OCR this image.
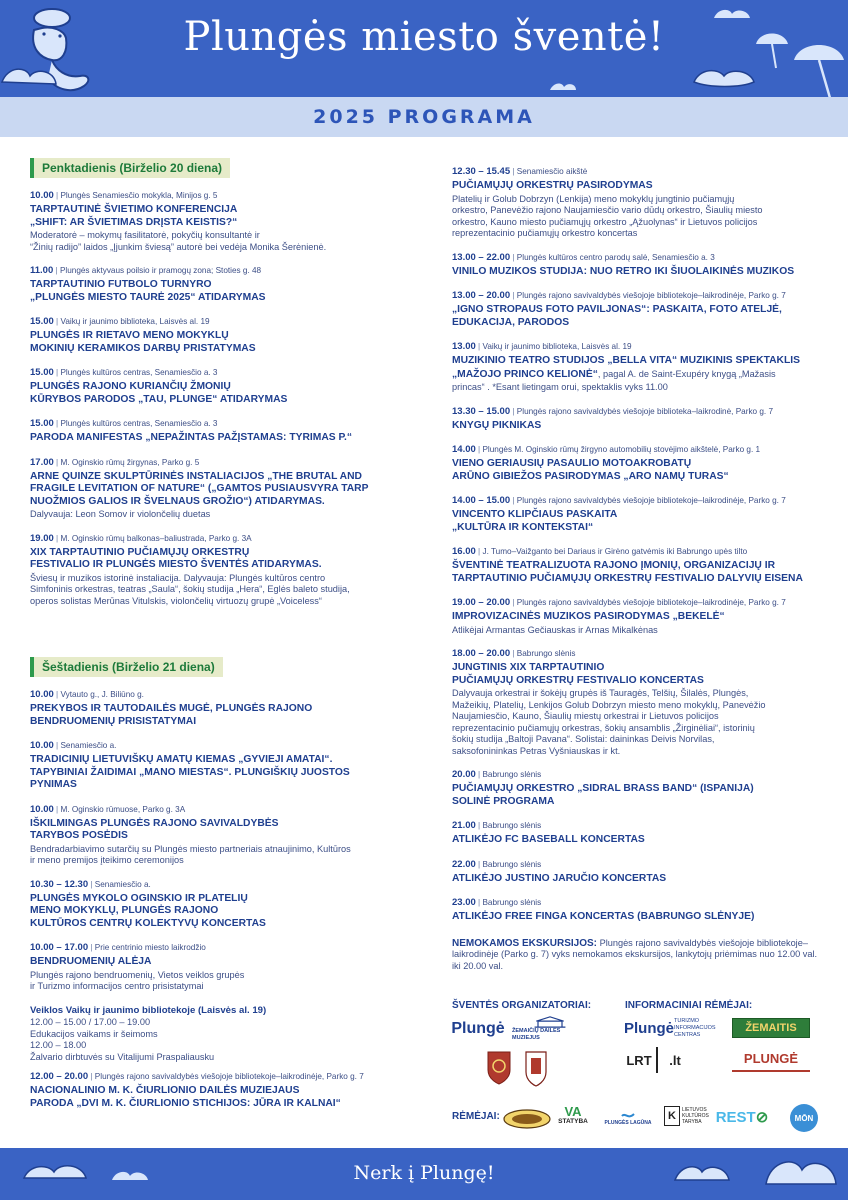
Plungės miesto šventė!
2025 PROGRAMA
Penktadienis (Birželio 20 diena)
10.00 | Plungės Senamiesčio mokykla, Minijos g. 5
TARPTAUTINĖ ŠVIETIMO KONFERENCIJA
„SHIFT: AR ŠVIETIMAS DRĮSTA KEISTIS?“
Moderatorė – mokymų fasilitatorė, pokyčių konsultantė ir
“Žinių radijo” laidos „Įjunkim šviesą” autorė bei vedėja Monika Šerėnienė.
11.00 | Plungės aktyvaus poilsio ir pramogų zona; Stoties g. 48
TARPTAUTINIO FUTBOLO TURNYRO
„PLUNGĖS MIESTO TAURĖ 2025“ ATIDARYMAS
15.00 | Vaikų ir jaunimo biblioteka, Laisvės al. 19
PLUNGĖS IR RIETAVO MENO MOKYKLŲ
MOKINIŲ KERAMIKOS DARBŲ PRISTATYMAS
15.00 | Plungės kultūros centras, Senamiesčio a. 3
PLUNGĖS RAJONO KURIANČIŲ ŽMONIŲ
KŪRYBOS PARODOS „TAU, PLUNGE“ ATIDARYMAS
15.00 | Plungės kultūros centras, Senamiesčio a. 3
PARODA MANIFESTAS „NEPAŽINTAS PAŽĮSTAMAS: TYRIMAS P.“
17.00 | M. Oginskio rūmų žirgynas, Parko g. 5
ARNE QUINZE SKULPTŪRINĖS INSTALIACIJOS „THE BRUTAL AND
FRAGILE LEVITATION OF NATURE“ („GAMTOS PUSIAUSVYRA TARP
NUOŽMIOS GALIOS IR ŠVELNAUS GROŽIO“) ATIDARYMAS.
Dalyvauja: Leon Somov ir violončelių duetas
19.00 | M. Oginskio rūmų balkonas–baliustrada, Parko g. 3A
XIX TARPTAUTINIO PUČIAMŲJŲ ORKESTRŲ
FESTIVALIO IR PLUNGĖS MIESTO ŠVENTĖS ATIDARYMAS.
Šviesų ir muzikos istorinė instaliacija. Dalyvauja: Plungės kultūros centro
Simfoninis orkestras, teatras „Saula“, šokių studija „Hera“, Eglės baleto studija,
operos solistas Merūnas Vitulskis, violončelių virtuozų grupė „Voiceless“
Šeštadienis (Birželio 21 diena)
10.00 | Vytauto g., J. Biliūno g.
PREKYBOS IR TAUTODAILĖS MUGĖ, PLUNGĖS RAJONO
BENDRUOMENIŲ PRISISTATYMAI
10.00 | Senamiesčio a.
TRADICINIŲ LIETUVIŠKŲ AMATŲ KIEMAS „GYVIEJI AMATAI“.
TAPYBINIAI ŽAIDIMAI „MANO MIESTAS“. PLUNGIŠKIŲ JUOSTOS
PYNIMAS
10.00 | M. Oginskio rūmuose, Parko g. 3A
IŠKILMINGAS PLUNGĖS RAJONO SAVIVALDYBĖS
TARYBOS POSĖDIS
Bendradarbiavimo sutarčių su Plungės miesto partneriais atnaujinimo, Kultūros
ir meno premijos įteikimo ceremonijos
10.30 – 12.30 | Senamiesčio a.
PLUNGĖS MYKOLO OGINSKIO IR PLATELIŲ
MENO MOKYKLŲ, PLUNGĖS RAJONO
KULTŪROS CENTRŲ KOLEKTYVŲ KONCERTAS
10.00 – 17.00 | Prie centrinio miesto laikrodžio
BENDRUOMENIŲ ALĖJA
Plungės rajono bendruomenių, Vietos veiklos grupės
ir Turizmo informacijos centro prisistatymai
Veiklos Vaikų ir jaunimo bibliotekoje (Laisvės al. 19)
12.00 – 15.00 / 17.00 – 19.00
Edukacijos vaikams ir šeimoms
12.00 – 18.00
Žalvario dirbtuvės su Vitalijumi Praspaliausku
12.00 – 20.00 | Plungės rajono savivaldybės viešojoje bibliotekoje–laikrodinėje, Parko g. 7
NACIONALINIO M. K. ČIURLIONIO DAILĖS MUZIEJAUS
PARODA „DVI M. K. ČIURLIONIO STICHIJOS: JŪRA IR KALNAI“
12.30 – 15.45 | Senamiesčio aikštė
PUČIAMŲJŲ ORKESTRŲ PASIRODYMAS
Platelių ir Golub Dobrzyn (Lenkija) meno mokyklų jungtinio pučiamųjų
orkestro, Panevėžio rajono Naujamiesčio vario dūdų orkestro, Šiaulių miesto
orkestro, Kauno miesto pučiamųjų orkestro „Ąžuolynas“ ir Lietuvos policijos
reprezentacinio pučiamųjų orkestro koncertas
13.00 – 22.00 | Plungės kultūros centro parodų salė, Senamiesčio a. 3
VINILO MUZIKOS STUDIJA: NUO RETRO IKI ŠIUOLAIKINĖS MUZIKOS
13.00 – 20.00 | Plungės rajono savivaldybės viešojoje bibliotekoje–laikrodinėje, Parko g. 7
„IGNO STROPAUS FOTO PAVILJONAS“: PASKAITA, FOTO ATELJĖ,
EDUKACIJA, PARODOS
13.00 | Vaikų ir jaunimo biblioteka, Laisvės al. 19
MUZIKINIO TEATRO STUDIJOS „BELLA VITA“ MUZIKINIS SPEKTAKLIS
„MAŽOJO PRINCO KELIONĖ“, pagal A. de Saint-Exupéry knygą „Mažasis
princas“ . *Esant lietingam orui, spektaklis vyks 11.00
13.30 – 15.00 | Plungės rajono savivaldybės viešojoje biblioteka–laikrodinė, Parko g. 7
KNYGŲ PIKNIKAS
14.00 | Plungės M. Oginskio rūmų žirgyno automobilių stovėjimo aikštelė, Parko g. 1
VIENO GERIAUSIŲ PASAULIO MOTOAKROBATŲ
ARŪNO GIBIEŽOS PASIRODYMAS „ARO NAMŲ TURAS“
14.00 – 15.00 | Plungės rajono savivaldybės viešojoje bibliotekoje–laikrodinėje, Parko g. 7
VINCENTO KLIPČIAUS PASKAITA
„KULTŪRA IR KONTEKSTAI“
16.00 | J. Tumo–Vaižganto bei Dariaus ir Girėno gatvėmis iki Babrungo upės tilto
ŠVENTINĖ TEATRALIZUOTA RAJONO ĮMONIŲ, ORGANIZACIJŲ IR
TARPTAUTINIO PUČIAMŲJŲ ORKESTRŲ FESTIVALIO DALYVIŲ EISENA
19.00 – 20.00 | Plungės rajono savivaldybės viešojoje bibliotekoje–laikrodinėje, Parko g. 7
IMPROVIZACINĖS MUZIKOS PASIRODYMAS „BEKELĖ“
Atlikėjai Armantas Gečiauskas ir Arnas Mikalkėnas
18.00 – 20.00 | Babrungo slėnis
JUNGTINIS XIX TARPTAUTINIO
PUČIAMŲJŲ ORKESTRŲ FESTIVALIO KONCERTAS
Dalyvauja orkestrai ir šokėjų grupės iš Tauragės, Telšių, Šilalės, Plungės,
Mažeikių, Platelių, Lenkijos Golub Dobrzyn miesto meno mokyklų, Panevėžio
Naujamiesčio, Kauno, Šiaulių miestų orkestrai ir Lietuvos policijos
reprezentacinio pučiamųjų orkestras, šokių ansamblis „Žirginėliai“, istorinių
šokių studija „Baltoji Pavana“. Solistai: daininkas Deivis Norvilas,
saksofonininkas Petras Vyšniauskas ir kt.
20.00 | Babrungo slėnis
PUČIAMŲJŲ ORKESTRO „SIDRAL BRASS BAND“ (ISPANIJA)
SOLINĖ PROGRAMA
21.00 | Babrungo slėnis
ATLIKĖJO FC BASEBALL KONCERTAS
22.00 | Babrungo slėnis
ATLIKĖJO JUSTINO JARUČIO KONCERTAS
23.00 | Babrungo slėnis
ATLIKĖJO FREE FINGA KONCERTAS (BABRUNGO SLĖNYJE)
NEMOKAMOS EKSKURSIJOS: Plungės rajono savivaldybės viešojoje bibliotekoje–laikrodinėje (Parko g. 7) vyks nemokamos ekskursijos, lankytojų priėmimas nuo 12.00 val. iki 20.00 val.
ŠVENTĖS ORGANIZATORIAI:	INFORMACINIAI RĖMĖJAI:
Plungė ŽEMAIČIŲ DAILĖS MUZIEJUS
Plungė TURIZMO INFORMACIJOS CENTRAS
ŽEMAITIS
LRT	.lt	PLUNGĖ
RĖMĖJAI:	VA
STATYBA	PLUNGĖS LAGŪNA
K	LIETUVOS KULTŪROS TARYBA REST ⊘	MŌN
Nerk į Plungę!
